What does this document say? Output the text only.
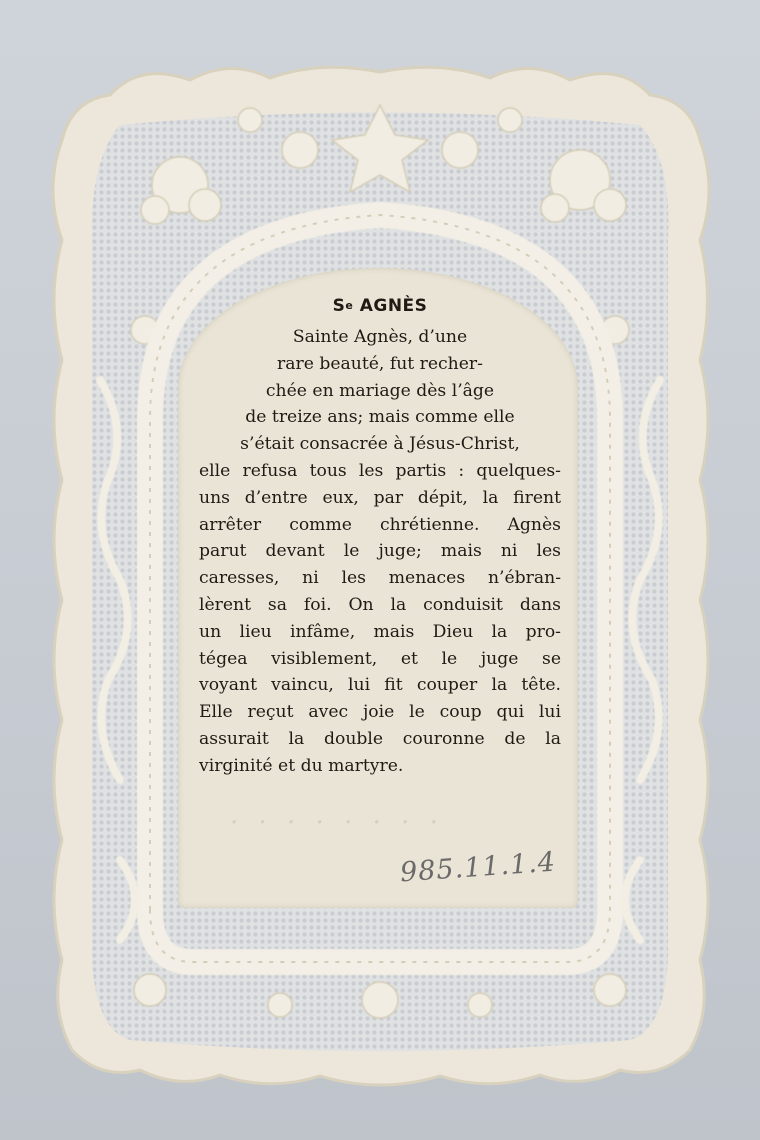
· · · · · · · ·
Se AGNÈS
Sainte Agnès, d’une
rare beauté, fut recher-
chée en mariage dès l’âge
de treize ans; mais comme elle
s’était consacrée à Jésus-Christ,
elle refusa tous les partis : quelques-
uns d’entre eux, par dépit, la firent
arrêter comme chrétienne. Agnès
parut devant le juge; mais ni les
caresses, ni les menaces n’ébran-
lèrent sa foi. On la conduisit dans
un lieu infâme, mais Dieu la pro-
tégea visiblement, et le juge se
voyant vaincu, lui fit couper la tête.
Elle reçut avec joie le coup qui lui
assurait la double couronne de la
virginité et du martyre.
985.11.1.4
